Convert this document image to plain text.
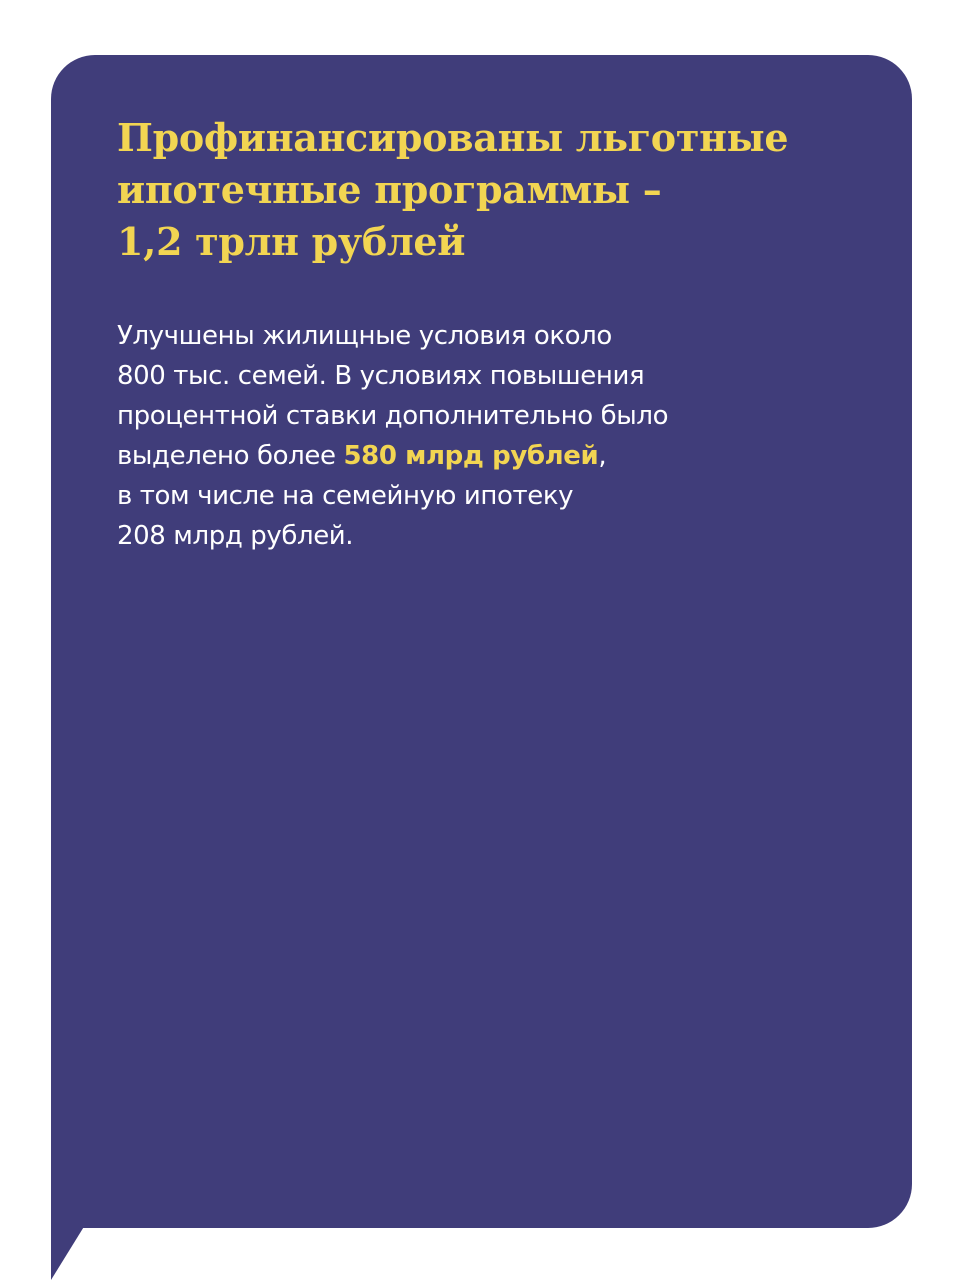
Профинансированы льготные
ипотечные программы –
1,2 трлн рублей

Улучшены жилищные условия около
800 тыс. семей. В условиях повышения
процентной ставки дополнительно было
выделено более 580 млрд рублей,
в том числе на семейную ипотеку
208 млрд рублей.
